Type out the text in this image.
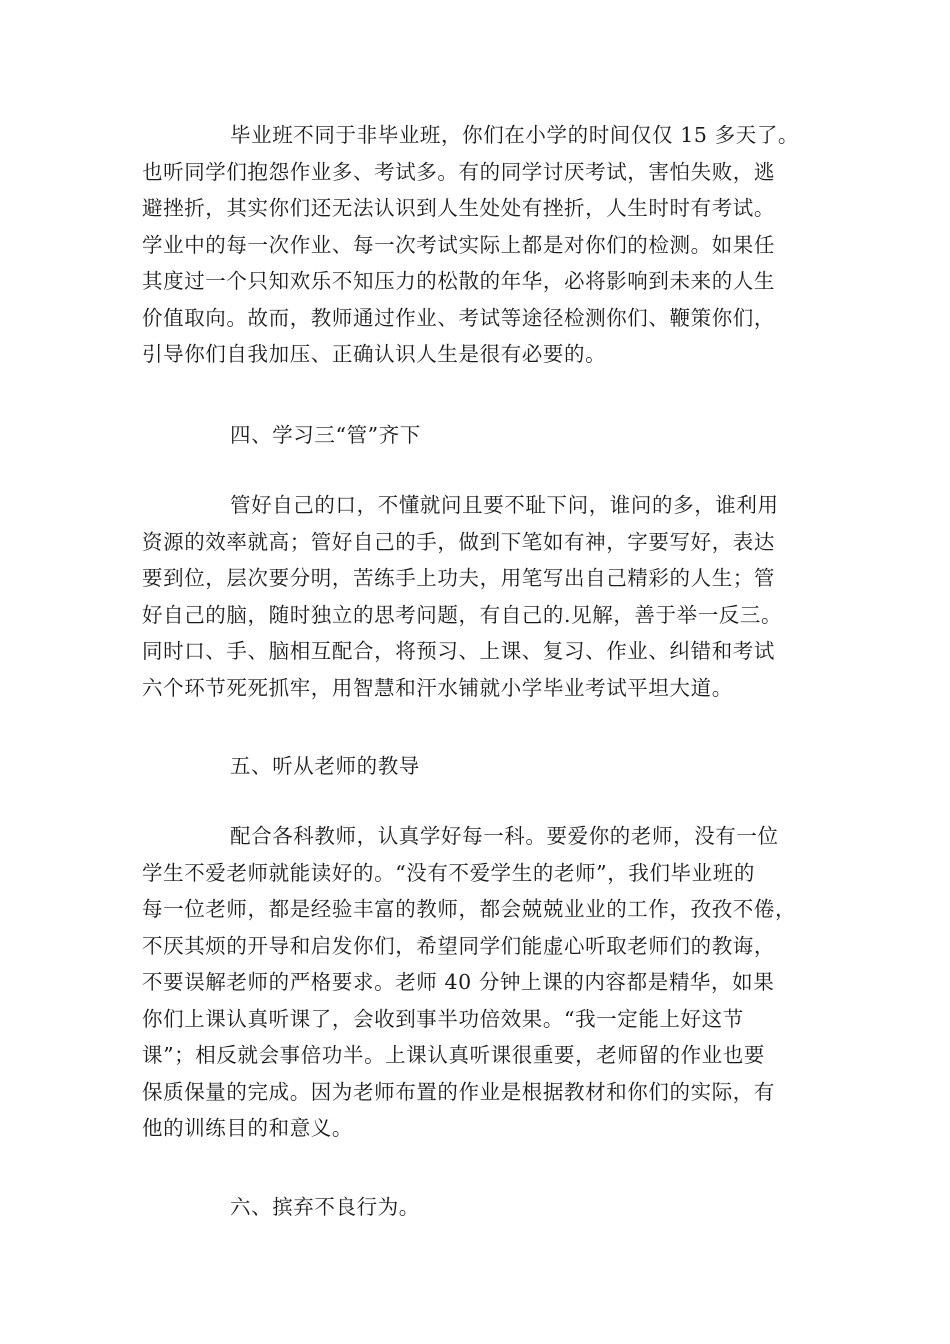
毕业班不同于非毕业班，你们在小学的时间仅仅 15 多天了。
也听同学们抱怨作业多、考试多。有的同学讨厌考试，害怕失败，逃
避挫折，其实你们还无法认识到人生处处有挫折，人生时时有考试。
学业中的每一次作业、每一次考试实际上都是对你们的检测。如果任
其度过一个只知欢乐不知压力的松散的年华，必将影响到未来的人生
价值取向。故而，教师通过作业、考试等途径检测你们、鞭策你们，
引导你们自我加压、正确认识人生是很有必要的。

四、学习三“管”齐下

管好自己的口，不懂就问且要不耻下问，谁问的多，谁利用
资源的效率就高；管好自己的手，做到下笔如有神，字要写好，表达
要到位，层次要分明，苦练手上功夫，用笔写出自己精彩的人生；管
好自己的脑，随时独立的思考问题，有自己的.见解，善于举一反三。
同时口、手、脑相互配合，将预习、上课、复习、作业、纠错和考试
六个环节死死抓牢，用智慧和汗水铺就小学毕业考试平坦大道。

五、听从老师的教导

配合各科教师，认真学好每一科。要爱你的老师，没有一位
学生不爱老师就能读好的。“没有不爱学生的老师”，我们毕业班的
每一位老师，都是经验丰富的教师，都会兢兢业业的工作，孜孜不倦，
不厌其烦的开导和启发你们，希望同学们能虚心听取老师们的教诲，
不要误解老师的严格要求。老师 40 分钟上课的内容都是精华，如果
你们上课认真听课了，会收到事半功倍效果。“我一定能上好这节
课”；相反就会事倍功半。上课认真听课很重要，老师留的作业也要
保质保量的完成。因为老师布置的作业是根据教材和你们的实际，有
他的训练目的和意义。

六、摈弃不良行为。
